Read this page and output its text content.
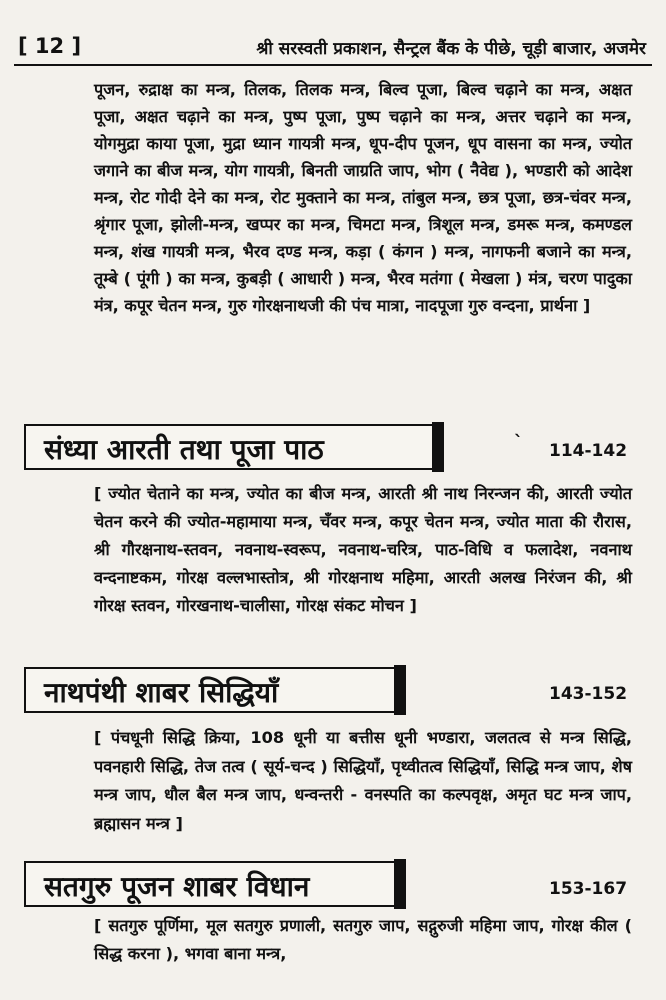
[ 12 ]	श्री सरस्वती प्रकाशन, सैन्ट्रल बैंक के पीछे, चूड़ी बाजार, अजमेर

पूजन, रुद्राक्ष का मन्त्र, तिलक, तिलक मन्त्र, बिल्व पूजा, बिल्व चढ़ाने का मन्त्र, अक्षत पूजा, अक्षत चढ़ाने का मन्त्र, पुष्प पूजा, पुष्प चढ़ाने का मन्त्र, अत्तर चढ़ाने का मन्त्र, योगमुद्रा काया पूजा, मुद्रा ध्यान गायत्री मन्त्र, धूप-दीप पूजन, धूप वासना का मन्त्र, ज्योत जगाने का बीज मन्त्र, योग गायत्री, बिनती जाग्रति जाप, भोग ( नैवेद्य ), भण्डारी को आदेश मन्त्र, रोट गोदी देने का मन्त्र, रोट मुक्ताने का मन्त्र, तांबुल मन्त्र, छत्र पूजा, छत्र-चंवर मन्त्र, श्रृंगार पूजा, झोली-मन्त्र, खप्पर का मन्त्र, चिमटा मन्त्र, त्रिशूल मन्त्र, डमरू मन्त्र, कमण्डल मन्त्र, शंख गायत्री मन्त्र, भैरव दण्ड मन्त्र, कड़ा ( कंगन ) मन्त्र, नागफनी बजाने का मन्त्र, तूम्बे ( पूंगी ) का मन्त्र, कुबड़ी ( आधारी ) मन्त्र, भैरव मतंगा ( मेखला ) मंत्र, चरण पादुका मंत्र, कपूर चेतन मन्त्र, गुरु गोरक्षनाथजी की पंच मात्रा, नादपूजा गुरु वन्दना, प्रार्थना ]

संध्या आरती तथा पूजा पाठ	` 114-142

[ ज्योत चेताने का मन्त्र, ज्योत का बीज मन्त्र, आरती श्री नाथ निरन्जन की, आरती ज्योत चेतन करने की ज्योत-महामाया मन्त्र, चँवर मन्त्र, कपूर चेतन मन्त्र, ज्योत माता की रौरास, श्री गौरक्षनाथ-स्तवन, नवनाथ-स्वरूप, नवनाथ-चरित्र, पाठ-विधि व फलादेश, नवनाथ वन्दनाष्टकम, गोरक्ष वल्लभास्तोत्र, श्री गोरक्षनाथ महिमा, आरती अलख निरंजन की, श्री गोरक्ष स्तवन, गोरखनाथ-चालीसा, गोरक्ष संकट मोचन ]

नाथपंथी शाबर सिद्धियाँ	143-152

[ पंचधूनी सिद्धि क्रिया, 108 धूनी या बत्तीस धूनी भण्डारा, जलतत्व से मन्त्र सिद्धि, पवनहारी सिद्धि, तेज तत्व ( सूर्य-चन्द ) सिद्धियाँ, पृथ्वीतत्व सिद्धियाँ, सिद्धि मन्त्र जाप, शेष मन्त्र जाप, धौल बैल मन्त्र जाप, धन्वन्तरी - वनस्पति का कल्पवृक्ष, अमृत घट मन्त्र जाप, ब्रह्मासन मन्त्र ]

सतगुरु पूजन शाबर विधान	153-167

[ सतगुरु पूर्णिमा, मूल सतगुरु प्रणाली, सतगुरु जाप, सद्गुरुजी महिमा जाप, गोरक्ष कील ( सिद्ध करना ), भगवा बाना मन्त्र,
